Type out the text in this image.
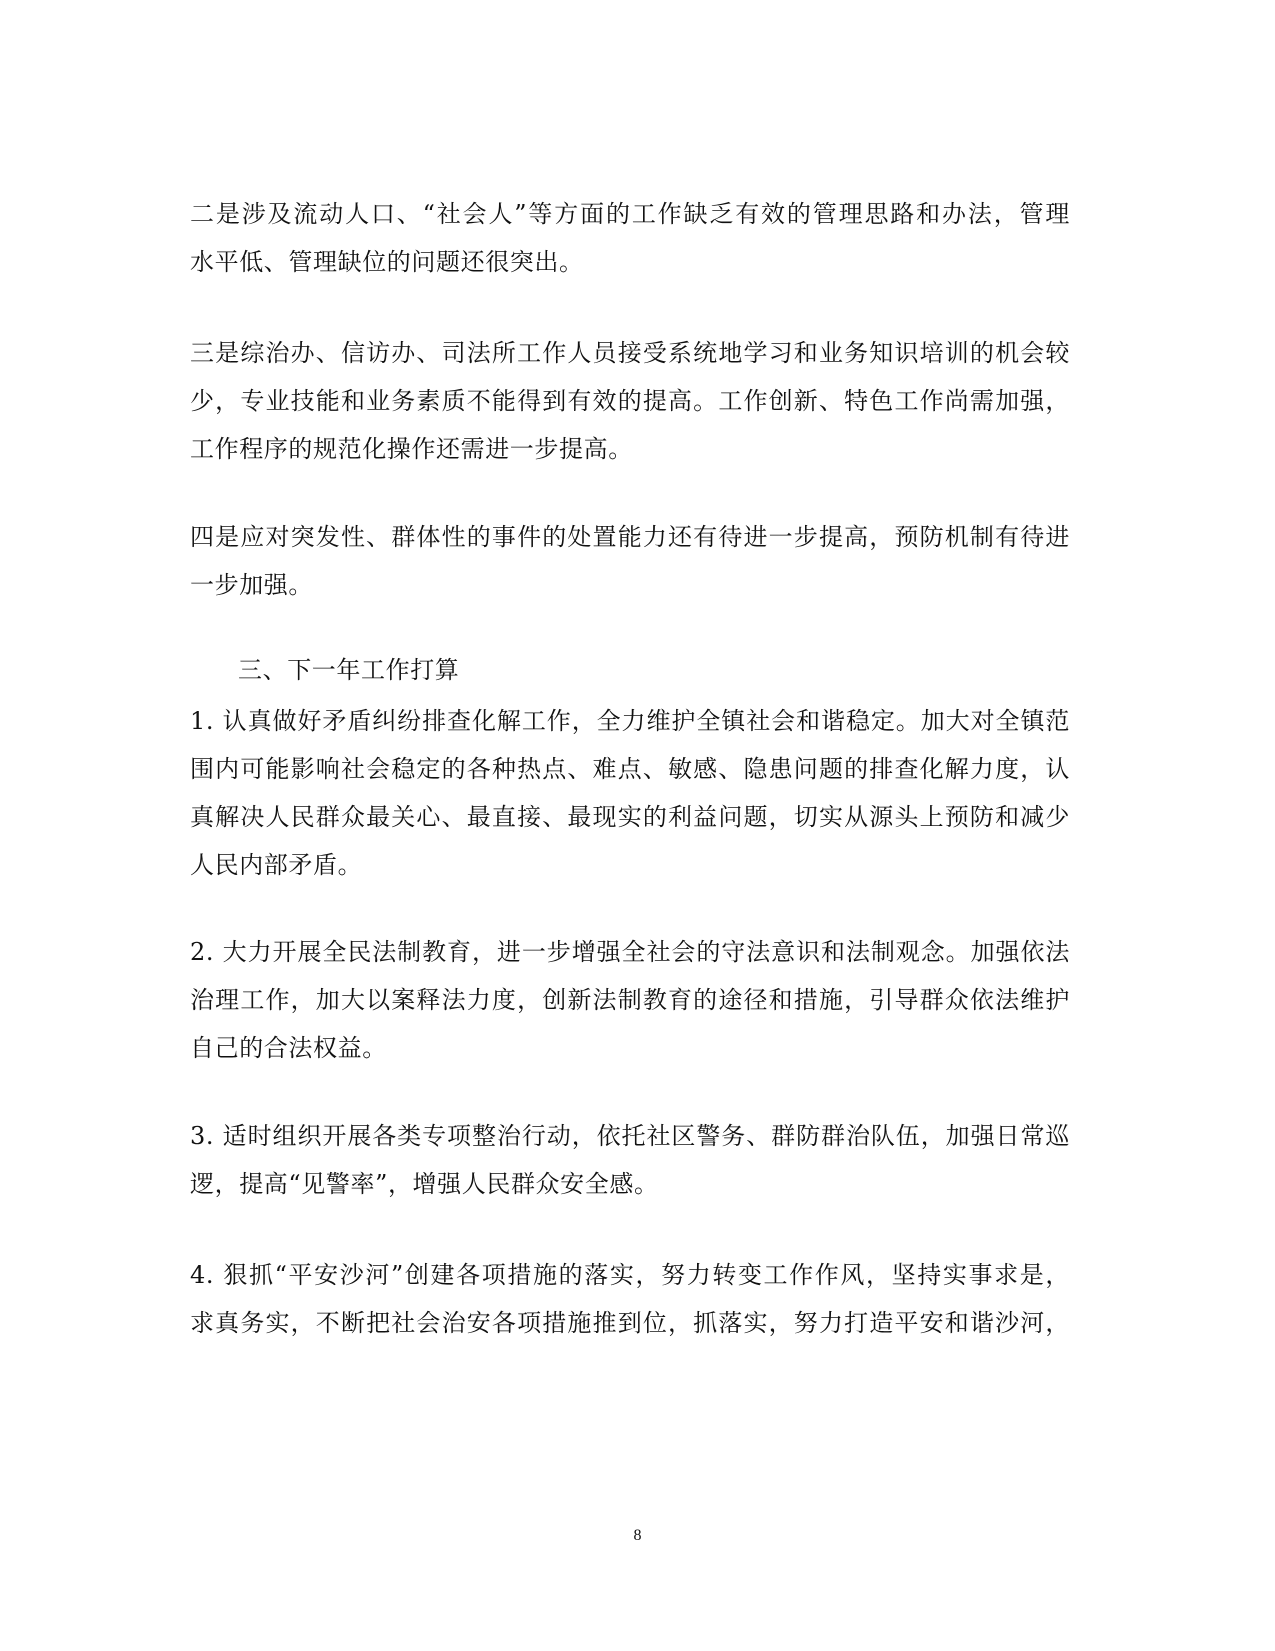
二是涉及流动人口、“社会人”等方面的工作缺乏有效的管理思路和办法，管理
水平低、管理缺位的问题还很突出。

三是综治办、信访办、司法所工作人员接受系统地学习和业务知识培训的机会较
少，专业技能和业务素质不能得到有效的提高。工作创新、特色工作尚需加强，
工作程序的规范化操作还需进一步提高。

四是应对突发性、群体性的事件的处置能力还有待进一步提高，预防机制有待进
一步加强。

三、下一年工作打算

1. 认真做好矛盾纠纷排查化解工作，全力维护全镇社会和谐稳定。加大对全镇范
围内可能影响社会稳定的各种热点、难点、敏感、隐患问题的排查化解力度，认
真解决人民群众最关心、最直接、最现实的利益问题，切实从源头上预防和减少
人民内部矛盾。

2. 大力开展全民法制教育，进一步增强全社会的守法意识和法制观念。加强依法
治理工作，加大以案释法力度，创新法制教育的途径和措施，引导群众依法维护
自己的合法权益。

3. 适时组织开展各类专项整治行动，依托社区警务、群防群治队伍，加强日常巡
逻，提高“见警率”，增强人民群众安全感。

4. 狠抓“平安沙河”创建各项措施的落实，努力转变工作作风，坚持实事求是，
求真务实，不断把社会治安各项措施推到位，抓落实，努力打造平安和谐沙河，

8
